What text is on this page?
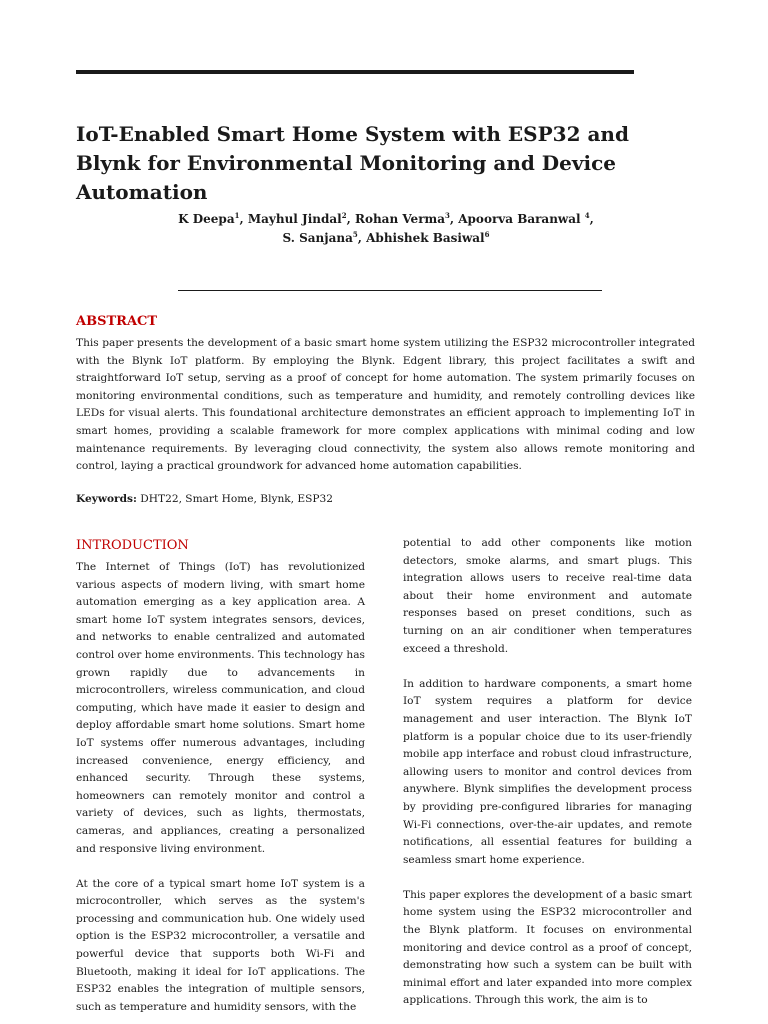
IoT-Enabled Smart Home System with ESP32 and Blynk for Environmental Monitoring and Device Automation
K Deepa$^1$, Mayhul Jindal$^2$, Rohan Verma$^3$, Apoorva Baranwal $^4$,
S. Sanjana$^5$, Abhishek Basiwal$^6$
ABSTRACT

This paper presents the development of a basic smart home system utilizing the ESP32 microcontroller integrated with the Blynk IoT platform. By employing the Blynk. Edgent library, this project facilitates a swift and straightforward IoT setup, serving as a proof of concept for home automation. The system primarily focuses on monitoring environmental conditions, such as temperature and humidity, and remotely controlling devices like LEDs for visual alerts. This foundational architecture demonstrates an efficient approach to implementing IoT in smart homes, providing a scalable framework for more complex applications with minimal coding and low maintenance requirements. By leveraging cloud connectivity, the system also allows remote monitoring and control, laying a practical groundwork for advanced home automation capabilities.

Keywords: DHT22, Smart Home, Blynk, ESP32

INTRODUCTION

The Internet of Things (IoT) has revolutionized various aspects of modern living, with smart home automation emerging as a key application area. A smart home IoT system integrates sensors, devices, and networks to enable centralized and automated control over home environments. This technology has grown rapidly due to advancements in microcontrollers, wireless communication, and cloud computing, which have made it easier to design and deploy affordable smart home solutions. Smart home IoT systems offer numerous advantages, including increased convenience, energy efficiency, and enhanced security. Through these systems, homeowners can remotely monitor and control a variety of devices, such as lights, thermostats, cameras, and appliances, creating a personalized and responsive living environment.

At the core of a typical smart home IoT system is a microcontroller, which serves as the system's processing and communication hub. One widely used option is the ESP32 microcontroller, a versatile and powerful device that supports both Wi-Fi and Bluetooth, making it ideal for IoT applications. The ESP32 enables the integration of multiple sensors, such as temperature and humidity sensors, with the

potential to add other components like motion detectors, smoke alarms, and smart plugs. This integration allows users to receive real-time data about their home environment and automate responses based on preset conditions, such as turning on an air conditioner when temperatures exceed a threshold.

In addition to hardware components, a smart home IoT system requires a platform for device management and user interaction. The Blynk IoT platform is a popular choice due to its user-friendly mobile app interface and robust cloud infrastructure, allowing users to monitor and control devices from anywhere. Blynk simplifies the development process by providing pre-configured libraries for managing Wi-Fi connections, over-the-air updates, and remote notifications, all essential features for building a seamless smart home experience.

This paper explores the development of a basic smart home system using the ESP32 microcontroller and the Blynk platform. It focuses on environmental monitoring and device control as a proof of concept, demonstrating how such a system can be built with minimal effort and later expanded into more complex applications. Through this work, the aim is to
